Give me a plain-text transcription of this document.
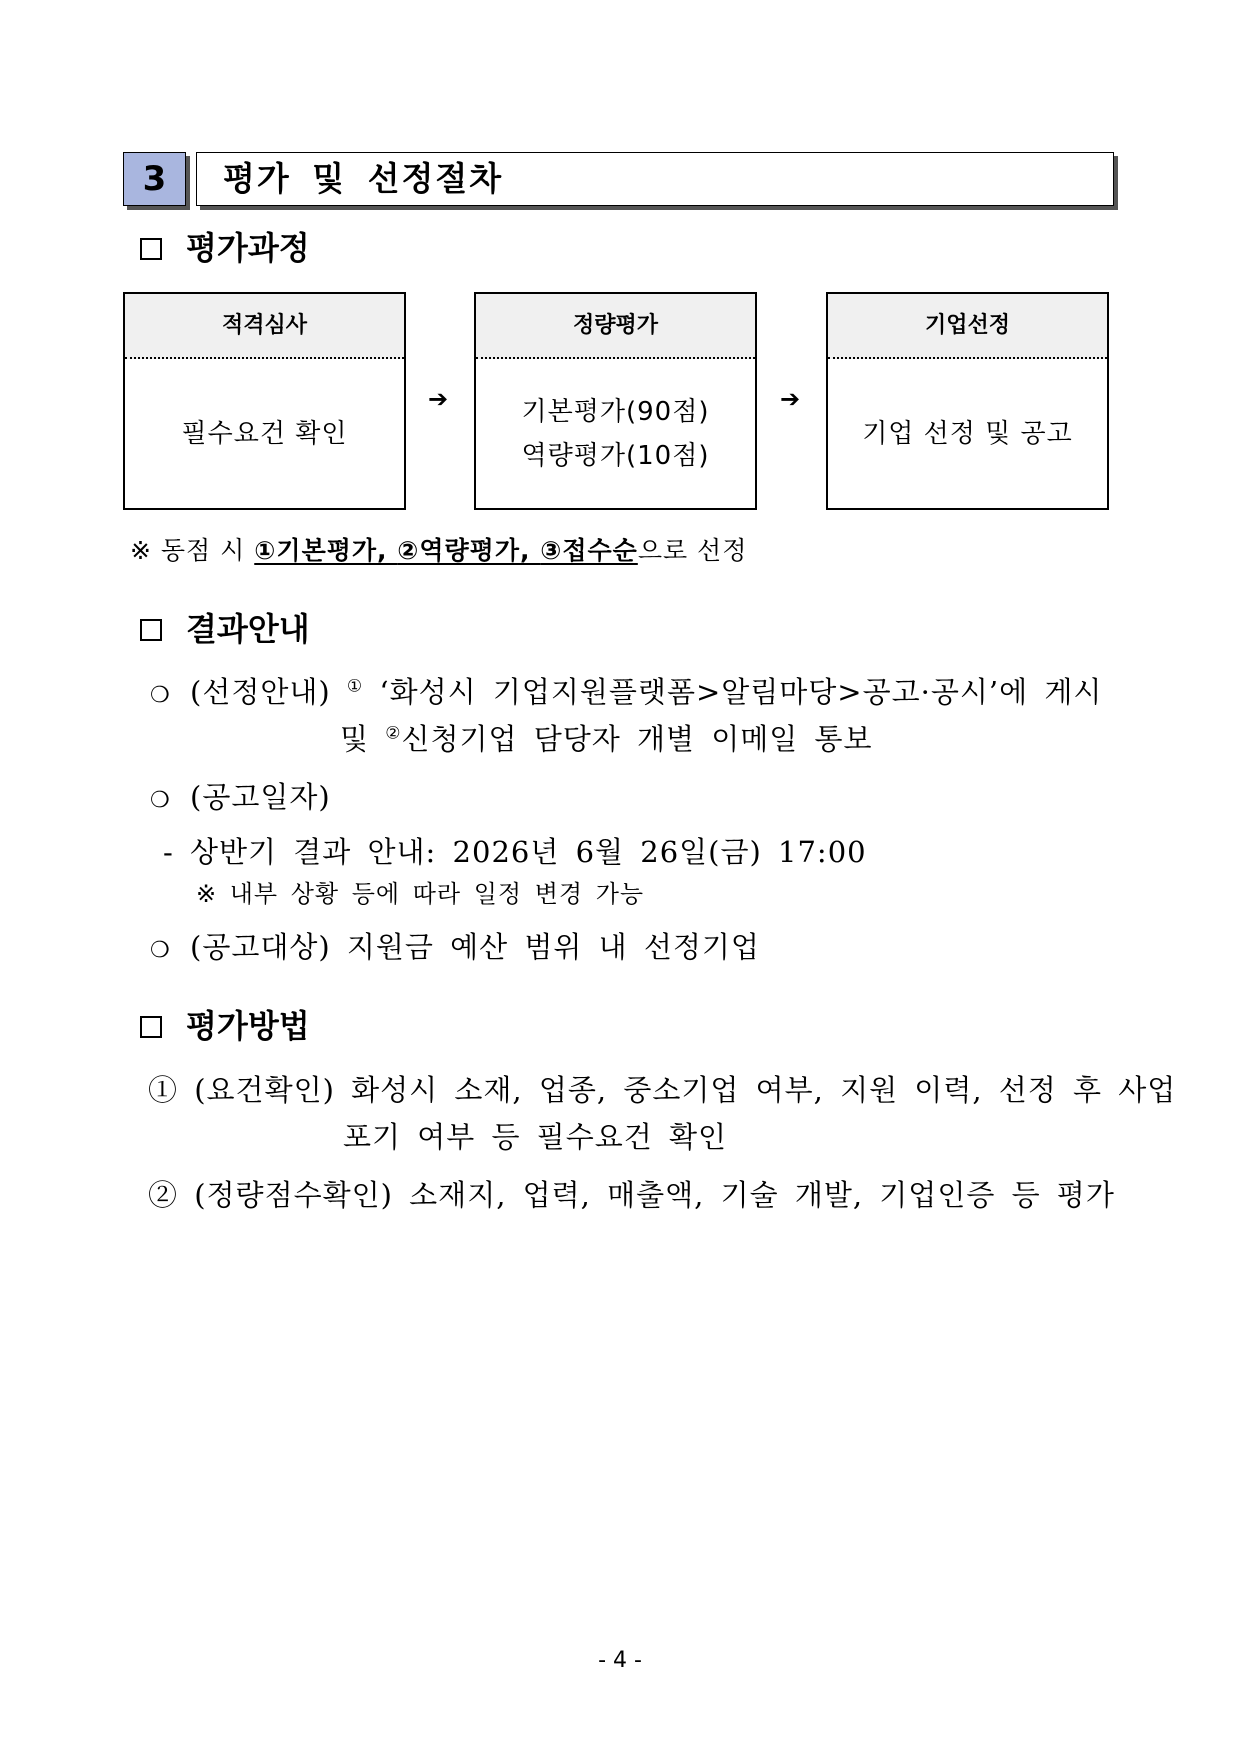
3	평가 및 선정절차
평가과정
적격심사
필수요건 확인
➔
정량평가
기본평가(90점)
역량평가(10점)
➔
기업선정
기업 선정 및 공고
※ 동점 시 ①기본평가, ②역량평가, ③접수순으로 선정
결과안내
❍ (선정안내) ① ‘화성시 기업지원플랫폼>알림마당>공고·공시’에 게시
및 ②신청기업 담당자 개별 이메일 통보
❍ (공고일자)
- 상반기 결과 안내: 2026년 6월 26일(금) 17:00
※ 내부 상황 등에 따라 일정 변경 가능
❍ (공고대상) 지원금 예산 범위 내 선정기업
평가방법
① (요건확인) 화성시 소재, 업종, 중소기업 여부, 지원 이력, 선정 후 사업
포기 여부 등 필수요건 확인
② (정량점수확인) 소재지, 업력, 매출액, 기술 개발, 기업인증 등 평가
- 4 -
